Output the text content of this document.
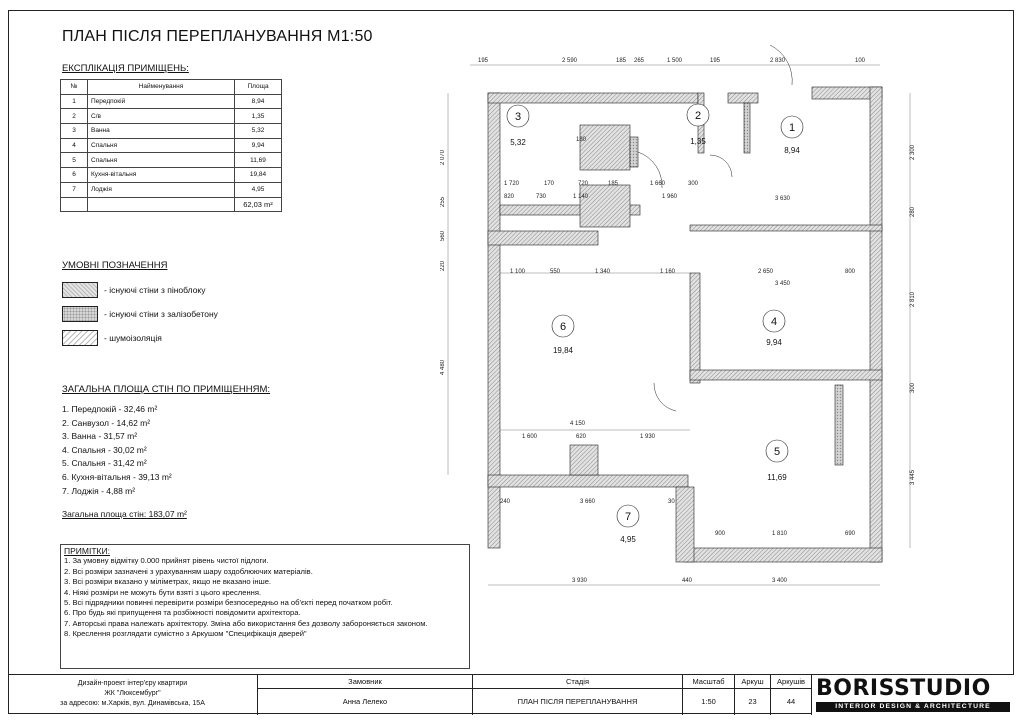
ПЛАН ПІСЛЯ ПЕРЕПЛАНУВАННЯ М1:50
ЕКСПЛІКАЦІЯ ПРИМІЩЕНЬ:
№	Найменування	Площа
1	Передпокій	8,94
2	С/в	1,35
3	Ванна	5,32
4	Спальня	9,94
5	Спальня	11,69
6	Кухня-вітальня	19,84
7	Лоджія	4,95
		62,03 m²
УМОВНІ ПОЗНАЧЕННЯ
- існуючі стіни з піноблоку
- існуючі стіни з залізобетону
- шумоізоляція
ЗАГАЛЬНА ПЛОЩА СТІН ПО ПРИМІЩЕННЯМ:
1. Передпокій - 32,46 m²
2. Санвузол - 14,62 m²
3. Ванна - 31,57 m²
4. Спальня - 30,02 m²
5. Спальня - 31,42 m²
6. Кухня-вітальня - 39,13 m²
7. Лоджія - 4,88 m²
Загальна площа стін: 183,07 m²
ПРИМІТКИ:

1. За умовну відмітку 0.000 прийнят рівень чистої підлоги.

2. Всі розміри зазначені з урахуванням шару оздоблюючих матеріалів.

3. Всі розміри вказано у міліметрах, якщо не вказано інше.

4. Ніякі розміри не можуть бути взяті з цього креслення.

5. Всі підрядники повинні перевірити розміри безпосередньо на об'єкті перед початком робіт.

6. Про будь які припущення та розбіжності повідомити архітектора.

7. Авторські права належать архітектору. Зміна або використання без дозволу забороняється законом.

8. Креслення розглядати сумістно з Аркушом "Специфікація дверей"

195	2 590	185 265	1 500	195	2 830	100
1 720	170	720	185	1 660	300
820	730	1 140	1 960	3 630
180
1 100	550	1 340	1 160	2 650	800
3 450
4 150
1 600	620	1 930
240	3 660	30
900	1 810	690
2 070
255
560
220
4 480
2 300
280
2 810
300
3 445
3 930	440	3 400
3
5,32
2
1,35
1
8,94
6
19,84
4
9,94
5
11,69
7
4,95
Дизайн-проект інтер'єру квартири
ЖК "Люксембург"
за адресою: м.Харків, вул. Динамівська, 15А
Замовник
Анна Лелеко
Стадія
ПЛАН ПІСЛЯ ПЕРЕПЛАНУВАННЯ
Масштаб
1:50
Аркуш
23
Аркушів
44
BORISSTUDIO
INTERIOR DESIGN & ARCHITECTURE
